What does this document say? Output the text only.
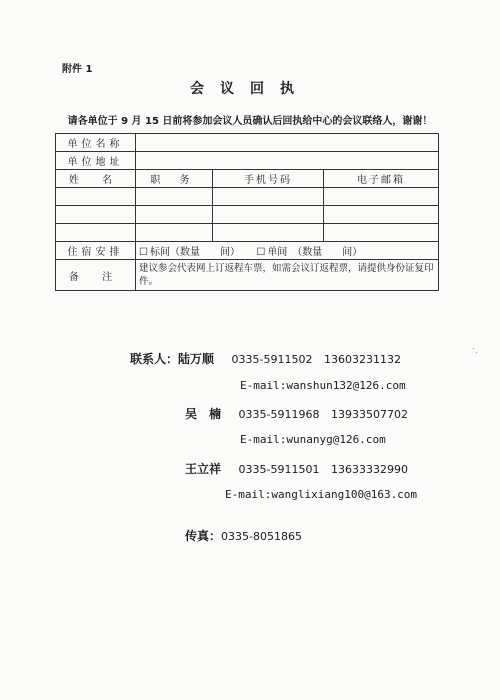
附件 1
会议回执
请各单位于 9 月 15 日前将参加会议人员确认后回执给中心的会议联络人，谢谢！
单位名称			
单位地址			
姓 名	职 务	手机号码	电子邮箱

住宿安排	☐ 标间（数量　　间） ☐ 单间　（数量　　间）		
备 注	建议参会代表网上订返程车票，如需会议订返程票，请提供身份证复印件。		
联系人：陆万顺 0335-5911502 13603231132
E-mail:wanshun132@126.com
吴　楠 0335-5911968 13933507702
E-mail:wunanyg@126.com
王立祥 0335-5911501 13633332990
E-mail:wanglixiang100@163.com
传真：0335-8051865
